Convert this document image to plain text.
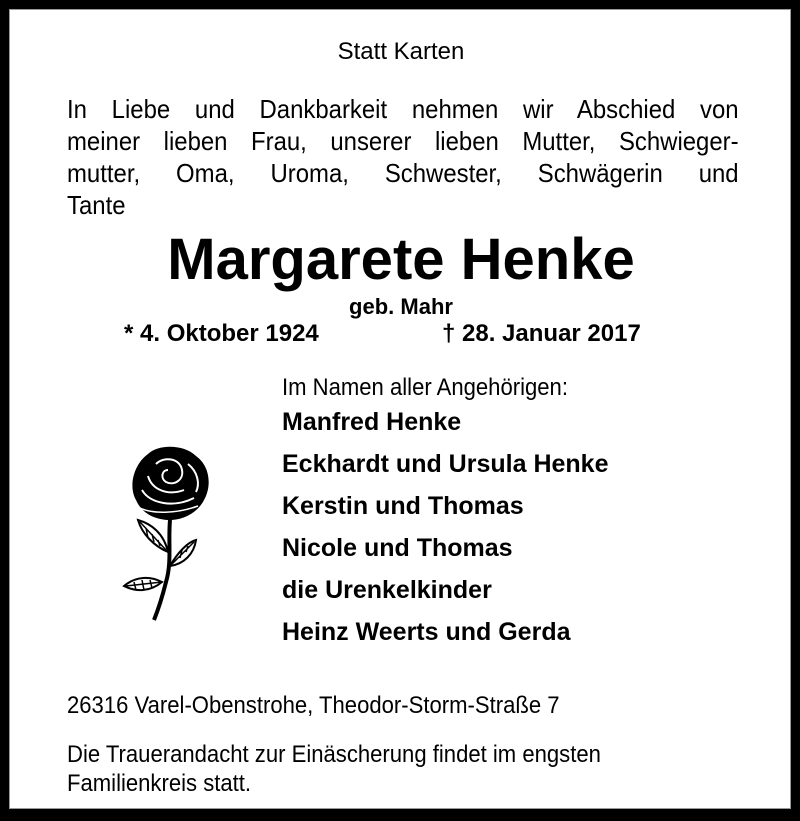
Statt Karten
In Liebe und Dankbarkeit nehmen wir Abschied von
meiner lieben Frau, unserer lieben Mutter, Schwieger-
mutter, Oma, Uroma, Schwester, Schwägerin und
Tante
Margarete Henke
geb. Mahr
* 4. Oktober 1924	† 28. Januar 2017
Im Namen aller Angehörigen:
Manfred Henke
Eckhardt und Ursula Henke
Kerstin und Thomas
Nicole und Thomas
die Urenkelkinder
Heinz Weerts und Gerda
26316 Varel-Obenstrohe, Theodor-Storm-Straße 7
Die Trauerandacht zur Einäscherung findet im engsten
Familienkreis statt.
